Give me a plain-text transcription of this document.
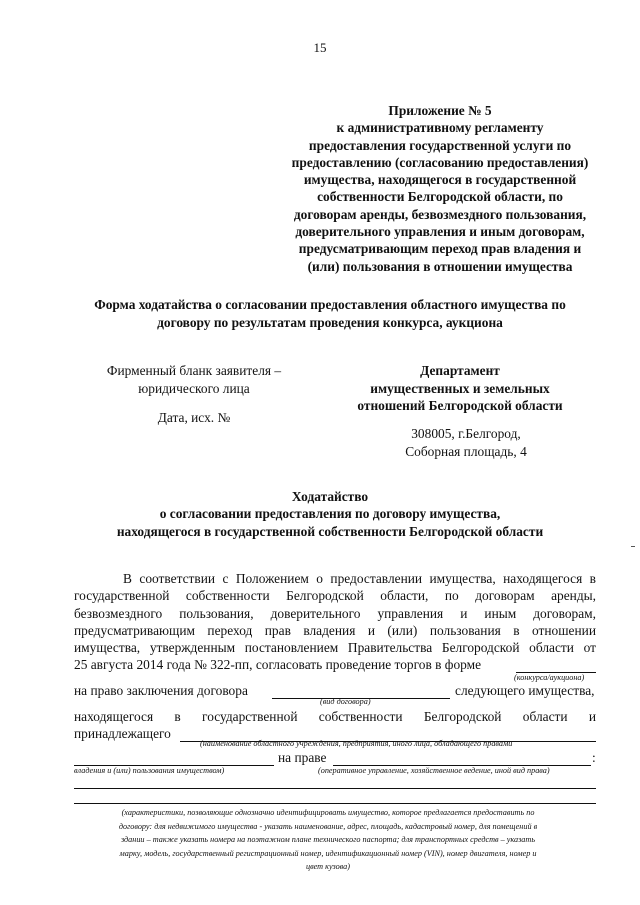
15
Приложение № 5
к административному регламенту
предоставления государственной услуги по
предоставлению (согласованию предоставления)
имущества, находящегося в государственной
собственности Белгородской области, по
договорам аренды, безвозмездного пользования,
доверительного управления и иным договорам,
предусматривающим переход прав владения и
(или) пользования в отношении имущества
Форма ходатайства о согласовании предоставления областного имущества по
договору по результатам проведения конкурса, аукциона
Фирменный бланк заявителя –
юридического лица
Дата, исх. №
Департамент
имущественных и земельных
отношений Белгородской области
308005, г.Белгород,
Соборная площадь, 4
Ходатайство
о согласовании предоставления по договору имущества,
находящегося в государственной собственности Белгородской области
В соответствии с Положением о предоставлении имущества, находящегося в
государственной собственности Белгородской области, по договорам аренды,
безвозмездного пользования, доверительного управления и иным договорам,
предусматривающим переход прав владения и (или) пользования в отношении
имущества, утвержденным постановлением Правительства Белгородской области от
25 августа 2014 года № 322-пп, согласовать проведение торгов в форме
(конкурса/аукциона)
на право заключения договора	следующего имущества,
(вид договора)
находящегося в государственной собственности Белгородской области и
принадлежащего
(наименование областного учреждения, предприятия, иного лица, обладающего правами
на праве	:
владения и (или) пользования имуществом)	(оперативное управление, хозяйственное ведение, иной вид права)
(характеристики, позволяющие однозначно идентифицировать имущество, которое предлагается предоставить по
договору: для недвижимого имущества - указать наименование, адрес, площадь, кадастровый номер, для помещений в
здании – также указать номера на поэтажном плане технического паспорта; для транспортных средств – указать
марку, модель, государственный регистрационный номер, идентификационный номер (VIN), номер двигателя, номер и
цвет кузова)
